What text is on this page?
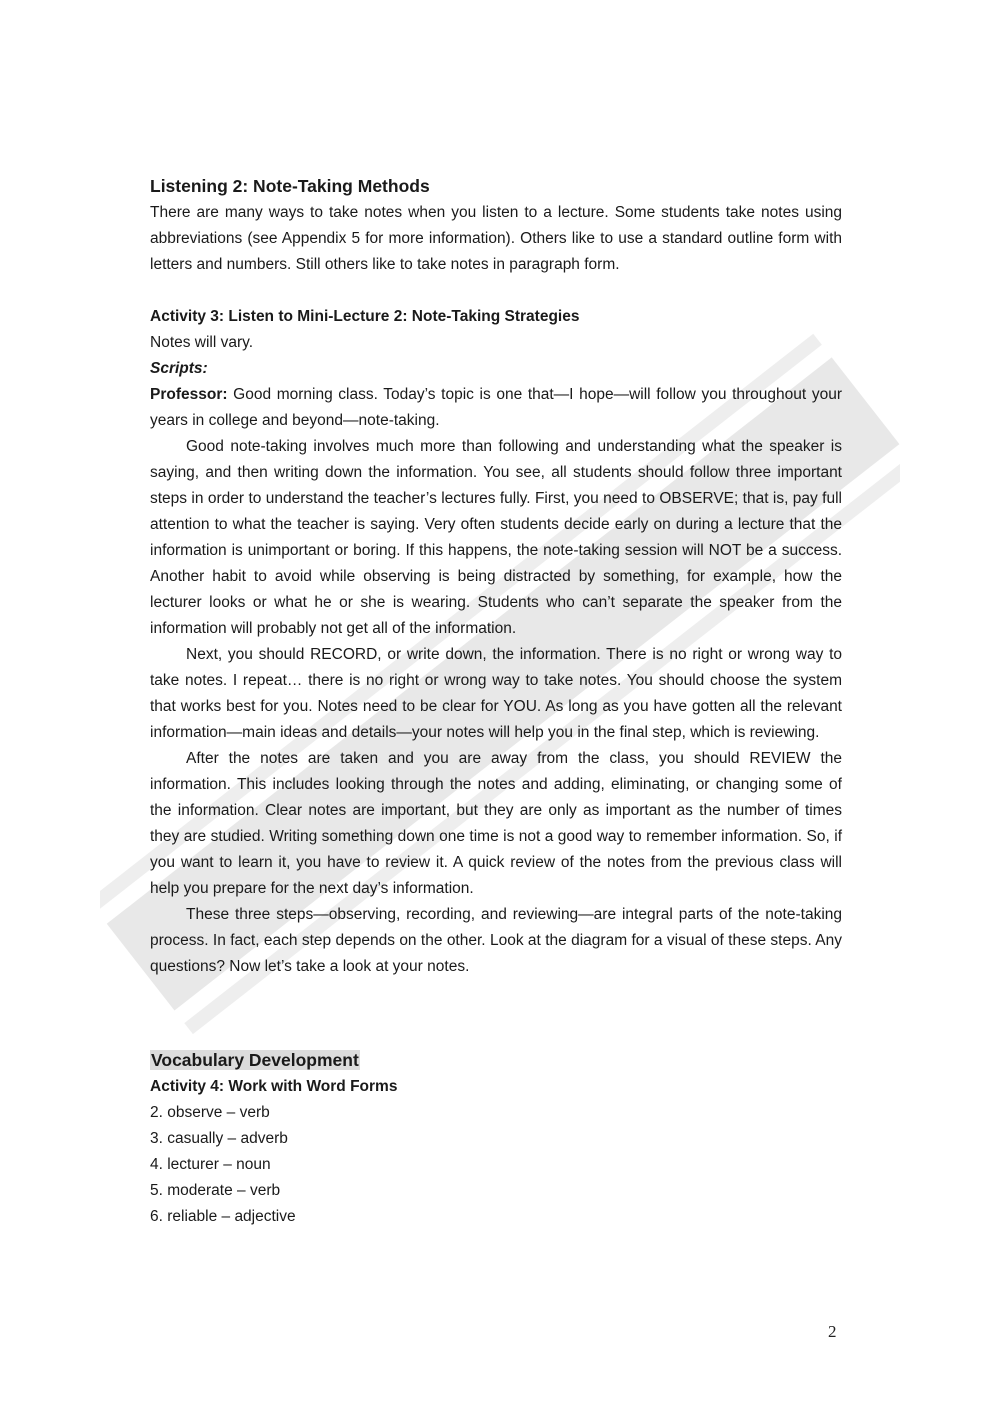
Listening 2: Note-Taking Methods

There are many ways to take notes when you listen to a lecture. Some students take notes using abbreviations (see Appendix 5 for more information). Others like to use a standard outline form with letters and numbers. Still others like to take notes in paragraph form.

Activity 3: Listen to Mini-Lecture 2: Note-Taking Strategies

Notes will vary.

Scripts:

Professor: Good morning class. Today’s topic is one that—I hope—will follow you throughout your years in college and beyond—note-taking.

Good note-taking involves much more than following and understanding what the speaker is saying, and then writing down the information. You see, all students should follow three important steps in order to understand the teacher’s lectures fully. First, you need to OBSERVE; that is, pay full attention to what the teacher is saying. Very often students decide early on during a lecture that the information is unimportant or boring. If this happens, the note-taking session will NOT be a success. Another habit to avoid while observing is being distracted by something, for example, how the lecturer looks or what he or she is wearing. Students who can’t separate the speaker from the information will probably not get all of the information.

Next, you should RECORD, or write down, the information. There is no right or wrong way to take notes. I repeat… there is no right or wrong way to take notes. You should choose the system that works best for you. Notes need to be clear for YOU. As long as you have gotten all the relevant information—main ideas and details—your notes will help you in the final step, which is reviewing.

After the notes are taken and you are away from the class, you should REVIEW the information. This includes looking through the notes and adding, eliminating, or changing some of the information. Clear notes are important, but they are only as important as the number of times they are studied. Writing something down one time is not a good way to remember information. So, if you want to learn it, you have to review it. A quick review of the notes from the previous class will help you prepare for the next day’s information.

These three steps—observing, recording, and reviewing—are integral parts of the note-taking process. In fact, each step depends on the other. Look at the diagram for a visual of these steps. Any questions? Now let’s take a look at your notes.

Vocabulary Development

Activity 4: Work with Word Forms

2. observe – verb

3. casually – adverb

4. lecturer – noun

5. moderate – verb

6. reliable – adjective

2
